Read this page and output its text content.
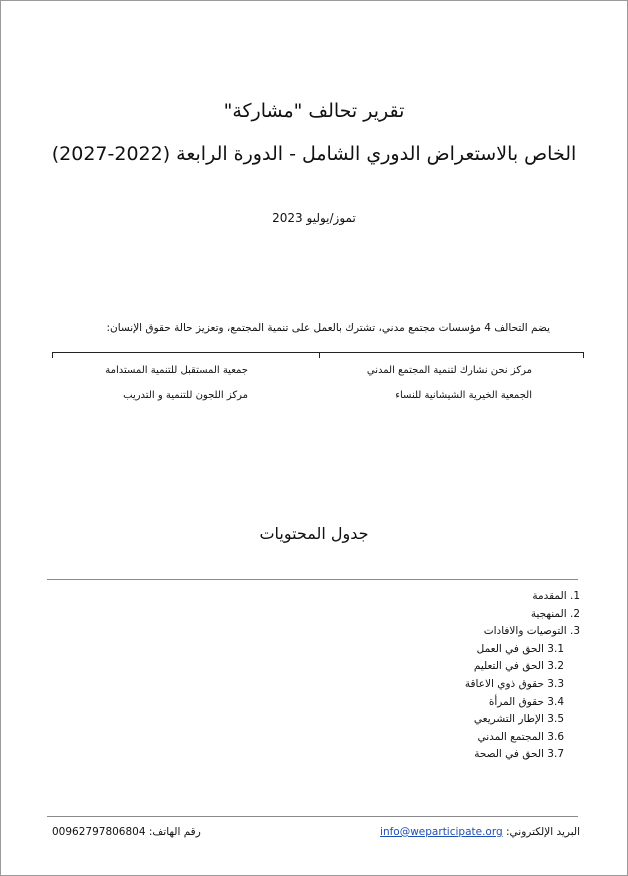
تقرير تحالف "مشاركة"
الخاص بالاستعراض الدوري الشامل - الدورة الرابعة (2022-2027)
تموز/يوليو 2023
يضم التحالف 4 مؤسسات مجتمع مدني، تشترك بالعمل على تنمية المجتمع، وتعزيز حالة حقوق الإنسان:
مركز نحن نشارك لتنمية المجتمع المدني
الجمعية الخيرية الشيشانية للنساء
جمعية المستقبل للتنمية المستدامة
مركز اللجون للتنمية و التدريب
جدول المحتويات
1. المقدمة
2. المنهجية
3. التوصيات والافادات
3.1 الحق في العمل
3.2 الحق في التعليم
3.3 حقوق ذوي الاعاقة
3.4 حقوق المرأة
3.5 الإطار التشريعي
3.6 المجتمع المدني
3.7 الحق في الصحة
البريد الإلكتروني: info@weparticipate.org
رقم الهاتف: 00962797806804
